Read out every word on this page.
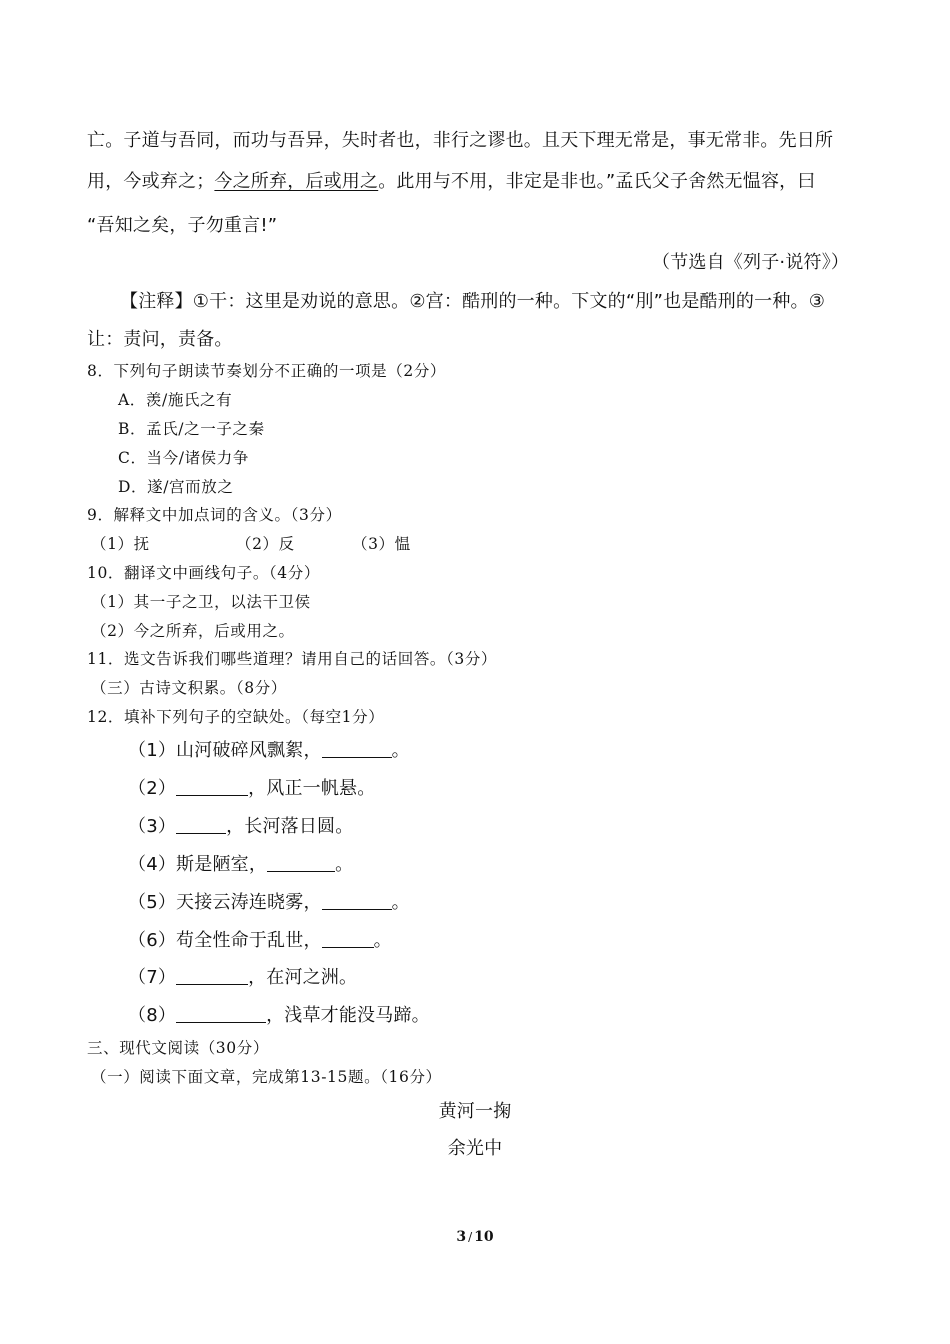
亡。子道与吾同，而功与吾异，失时者也，非行之谬也。且天下理无常是，事无常非。先日所
用，今或弃之；今之所弃，后或用之。此用与不用，非定是非也。”孟氏父子舍然无愠容，曰
“吾知之矣，子勿重言!”
（节选自《列子·说符》）
【注释】①干：这里是劝说的意思。②宫：酷刑的一种。下文的“刖”也是酷刑的一种。③
让：责问，责备。
8．下列句子朗读节奏划分不正确的一项是（2分）
A．羡/施氏之有
B．孟氏/之一子之秦
C．当今/诸侯力争
D．遂/宫而放之
9．解释文中加点词的含义。（3分）
（1）抚	（2）反	（3）愠
10．翻译文中画线句子。（4分）
（1）其一子之卫，以法干卫侯
（2）今之所弃，后或用之。
11．选文告诉我们哪些道理？请用自己的话回答。（3分）
（三）古诗文积累。（8分）
12．填补下列句子的空缺处。（每空1分）
（1）山河破碎风飘絮，	。
（2）	，风正一帆悬。
（3）	，长河落日圆。
（4）斯是陋室，	。
（5）天接云涛连晓雾，	。
（6）苟全性命于乱世，	。
（7）	，在河之洲。
（8）	，浅草才能没马蹄。
三、现代文阅读（30分）
（一）阅读下面文章，完成第13-15题。（16分）
黄河一掬
余光中
3 / 10
